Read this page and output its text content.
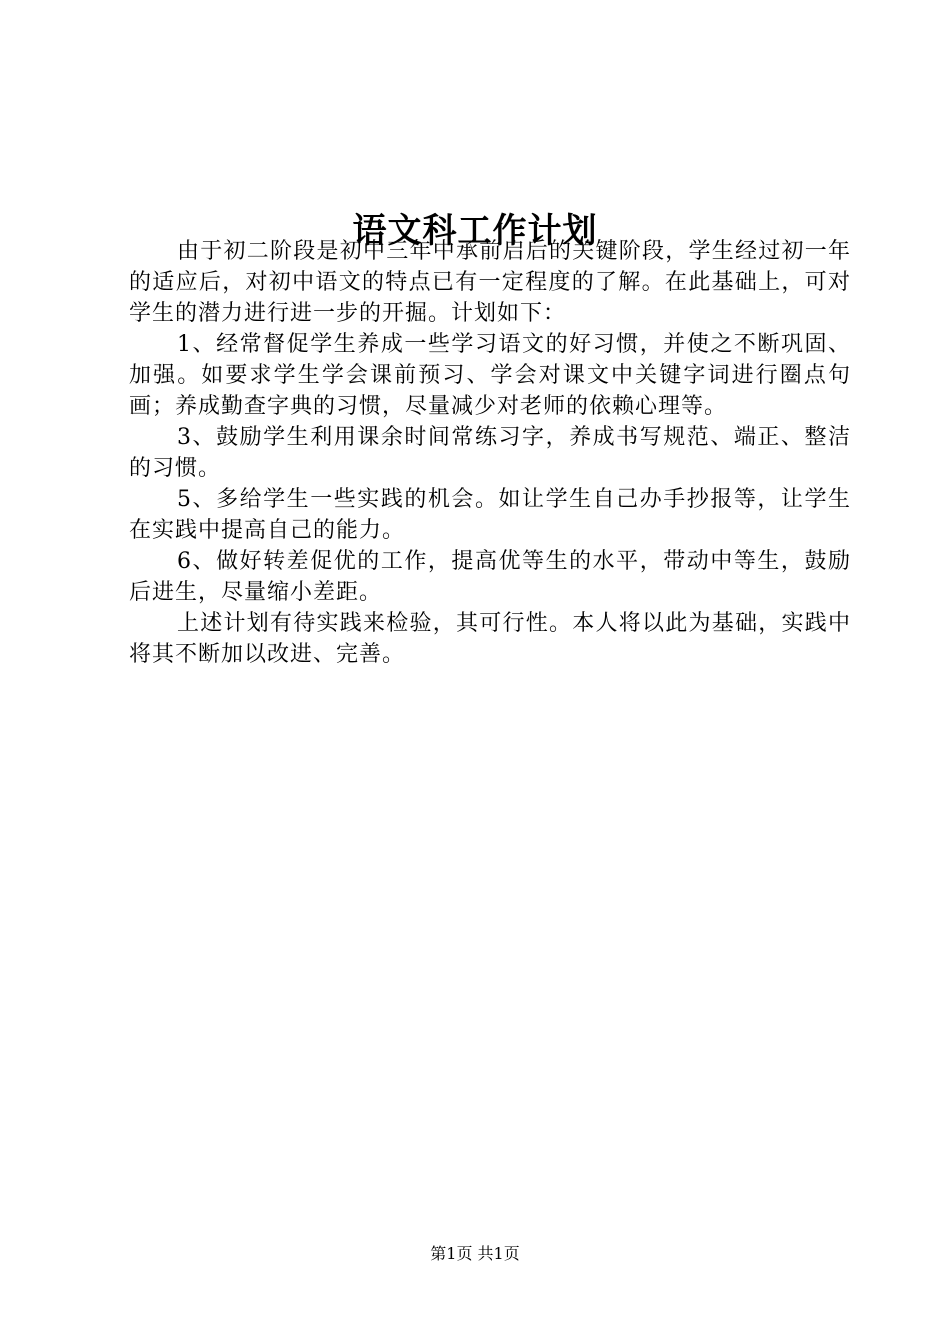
语文科工作计划

由于初二阶段是初中三年中承前启后的关键阶段，学生经过初一年的适应后，对初中语文的特点已有一定程度的了解。在此基础上，可对学生的潜力进行进一步的开掘。计划如下：

1、经常督促学生养成一些学习语文的好习惯，并使之不断巩固、加强。如要求学生学会课前预习、学会对课文中关键字词进行圈点句画；养成勤查字典的习惯，尽量减少对老师的依赖心理等。

3、鼓励学生利用课余时间常练习字，养成书写规范、端正、整洁的习惯。

5、多给学生一些实践的机会。如让学生自己办手抄报等，让学生在实践中提高自己的能力。

6、做好转差促优的工作，提高优等生的水平，带动中等生，鼓励后进生，尽量缩小差距。

上述计划有待实践来检验，其可行性。本人将以此为基础，实践中将其不断加以改进、完善。

第1页 共1页
